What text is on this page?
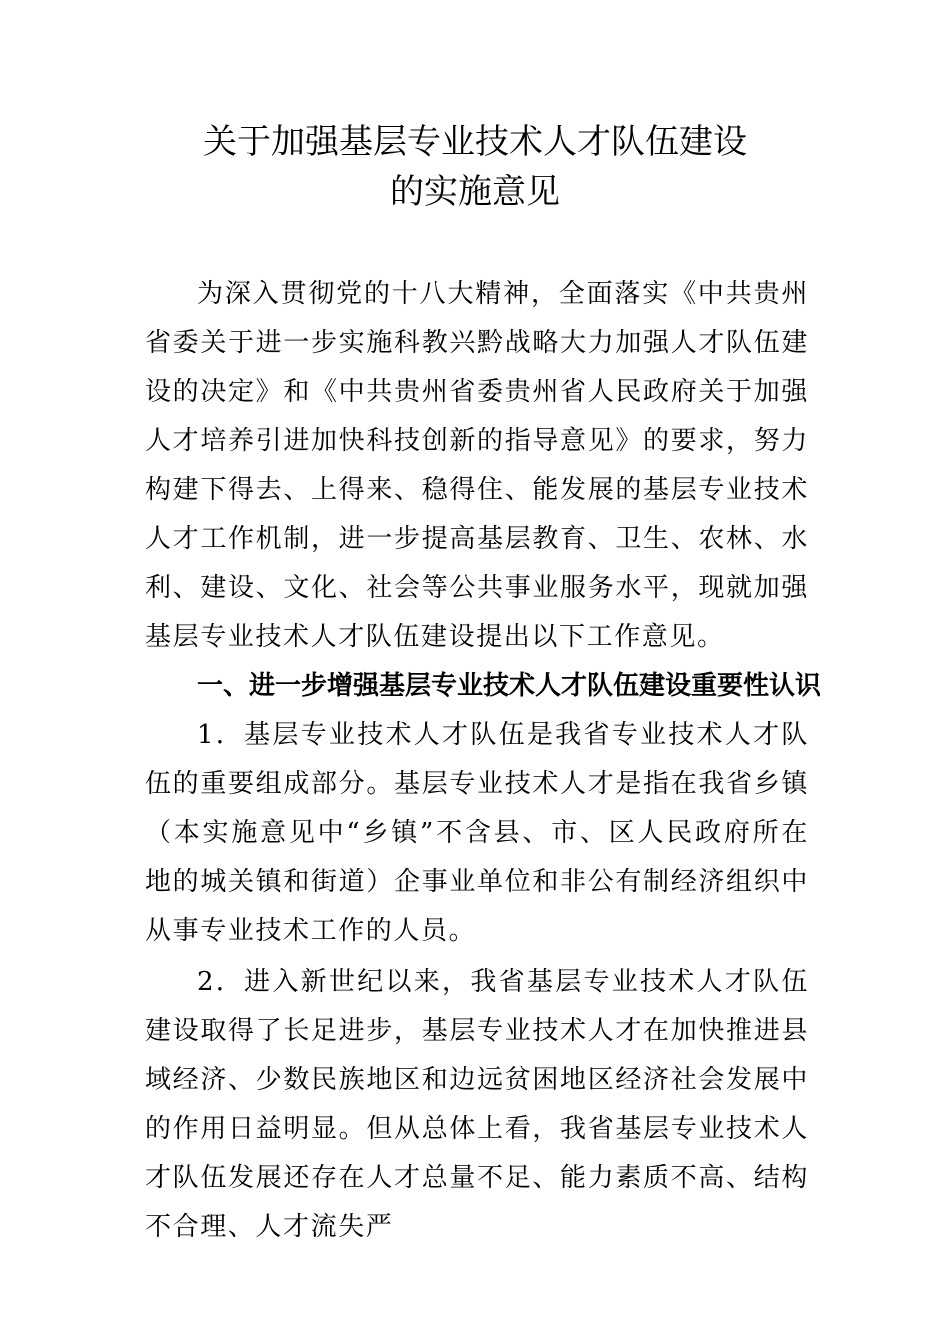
关于加强基层专业技术人才队伍建设
的实施意见

为深入贯彻党的十八大精神，全面落实《中共贵州省委关于进一步实施科教兴黔战略大力加强人才队伍建设的决定》和《中共贵州省委贵州省人民政府关于加强人才培养引进加快科技创新的指导意见》的要求，努力构建下得去、上得来、稳得住、能发展的基层专业技术人才工作机制，进一步提高基层教育、卫生、农林、水利、建设、文化、社会等公共事业服务水平，现就加强基层专业技术人才队伍建设提出以下工作意见。

一、进一步增强基层专业技术人才队伍建设重要性认识

1．基层专业技术人才队伍是我省专业技术人才队伍的重要组成部分。基层专业技术人才是指在我省乡镇（本实施意见中“乡镇”不含县、市、区人民政府所在地的城关镇和街道）企事业单位和非公有制经济组织中从事专业技术工作的人员。

2．进入新世纪以来，我省基层专业技术人才队伍建设取得了长足进步，基层专业技术人才在加快推进县域经济、少数民族地区和边远贫困地区经济社会发展中的作用日益明显。但从总体上看，我省基层专业技术人才队伍发展还存在人才总量不足、能力素质不高、结构不合理、人才流失严
